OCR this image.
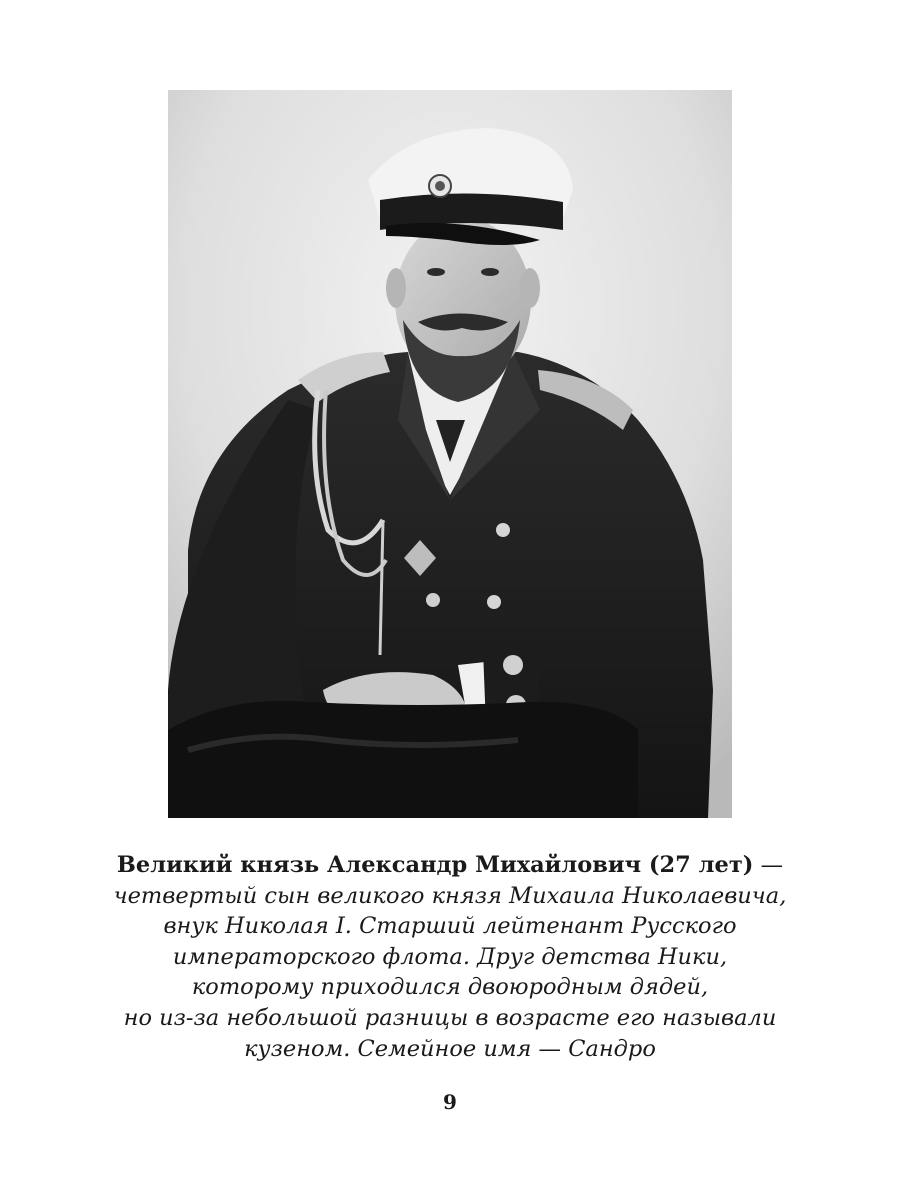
Великий князь Александр Михайлович (27 лет) —
четвертый сын великого князя Михаила Николаевича,
внук Николая I. Старший лейтенант Русского
императорского флота. Друг детства Ники,
которому приходился двоюродным дядей,
но из-за небольшой разницы в возрасте его называли
кузеном. Семейное имя — Сандро
9
